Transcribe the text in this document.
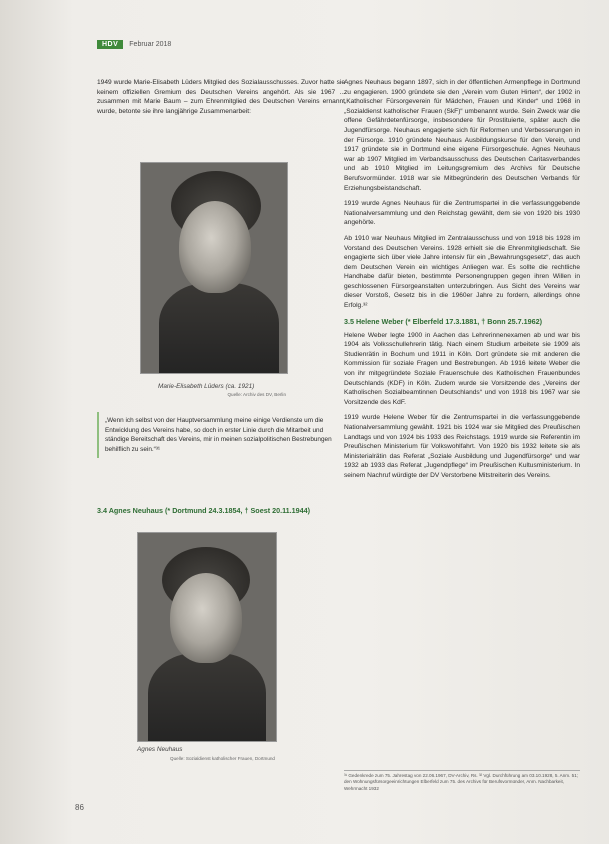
HDV	Februar 2018

1949 wurde Marie-Elisabeth Lüders Mitglied des Sozialausschusses. Zuvor hatte sie keinem offiziellen Gremium des Deutschen Vereins angehört. Als sie 1967 ... zusammen mit Marie Baum – zum Ehrenmitglied des Deutschen Vereins ernannt wurde, betonte sie ihre langjährige Zusammenarbeit:

Marie-Elisabeth Lüders (ca. 1921)
Quelle: Archiv des DV, Berlin
„Wenn ich selbst von der Hauptversammlung meine einige Verdienste um die Entwicklung des Vereins habe, so doch in erster Linie durch die Mitarbeit und ständige Bereitschaft des Vereins, mir in meinen sozialpolitischen Bestrebungen behilflich zu sein.“³¹
3.4 Agnes Neuhaus (* Dortmund 24.3.1854, † Soest 20.11.1944)
Agnes Neuhaus
Quelle: Sozialdienst katholischer Frauen, Dortmund

Agnes Neuhaus begann 1897, sich in der öffentlichen Armenpflege in Dortmund zu engagieren. 1900 gründete sie den „Verein vom Guten Hirten“, der 1902 in „Katholischer Fürsorgeverein für Mädchen, Frauen und Kinder“ und 1968 in „Sozialdienst katholischer Frauen (SkF)“ umbenannt wurde. Sein Zweck war die offene Gefährdetenfürsorge, insbesondere für Prostituierte, später auch die Jugendfürsorge. Neuhaus engagierte sich für Reformen und Verbesserungen in der Fürsorge. 1910 gründete Neuhaus Ausbildungskurse für den Verein, und 1917 gründete sie in Dortmund eine eigene Fürsorgeschule. Agnes Neuhaus war ab 1907 Mitglied im Verbandsausschuss des Deutschen Caritasverbandes und ab 1910 Mitglied im Leitungsgremium des Archivs für Deutsche Berufsvormünder. 1918 war sie Mitbegründerin des Deutschen Verbands für Erziehungsbeistandschaft.

1919 wurde Agnes Neuhaus für die Zentrumspartei in die verfassunggebende Nationalversammlung und den Reichstag gewählt, dem sie von 1920 bis 1930 angehörte.

Ab 1910 war Neuhaus Mitglied im Zentralausschuss und von 1918 bis 1928 im Vorstand des Deutschen Vereins. 1928 erhielt sie die Ehrenmitgliedschaft. Sie engagierte sich über viele Jahre intensiv für ein „Bewahrungsgesetz“, das auch dem Deutschen Verein ein wichtiges Anliegen war. Es sollte die rechtliche Handhabe dafür bieten, bestimmte Personengruppen gegen ihren Willen in geschlossenen Fürsorgeanstalten unterzubringen. Aus Sicht des Vereins war dieser Vorstoß, Gesetz bis in die 1960er Jahre zu fordern, allerdings ohne Erfolg.³²

3.5 Helene Weber (* Elberfeld 17.3.1881, † Bonn 25.7.1962)

Helene Weber legte 1900 in Aachen das Lehrerinnenexamen ab und war bis 1904 als Volksschullehrerin tätig. Nach einem Studium arbeitete sie 1909 als Studienrätin in Bochum und 1911 in Köln. Dort gründete sie mit anderen die Kommission für soziale Fragen und Bestrebungen. Ab 1916 leitete Weber die von ihr mitgegründete Soziale Frauenschule des Katholischen Frauenbundes Deutschlands (KDF) in Köln. Zudem wurde sie Vorsitzende des „Vereins der Katholischen Sozialbeamtinnen Deutschlands“ und von 1918 bis 1967 war sie Vorsitzende des KdF.

1919 wurde Helene Weber für die Zentrumspartei in die verfassunggebende Nationalversammlung gewählt. 1921 bis 1924 war sie Mitglied des Preußischen Landtags und von 1924 bis 1933 des Reichstags. 1919 wurde sie Referentin im Preußischen Ministerium für Volkswohlfahrt. Von 1920 bis 1932 leitete sie als Ministerialrätin das Referat „Soziale Ausbildung und Jugendfürsorge“ und war 1932 ab 1933 das Referat „Jugendpflege“ im Preußischen Kultusministerium. In seinem Nachruf würdigte der DV Verstorbene Mitstreiterin des Vereins.

³¹ Gedenkrede zum 75. Jahrestag von 22.06.1967, DV-Archiv, Rs. ³² Vgl. Durchführung am 03.10.1928, 5. Anm. 51; den Wohnungsfürsorgeeinrichtungen Elberfeld zum 75. des Archivs für Berufsvormünder, Anm. Nachbarkeit, Wehrmacht 1932
86
